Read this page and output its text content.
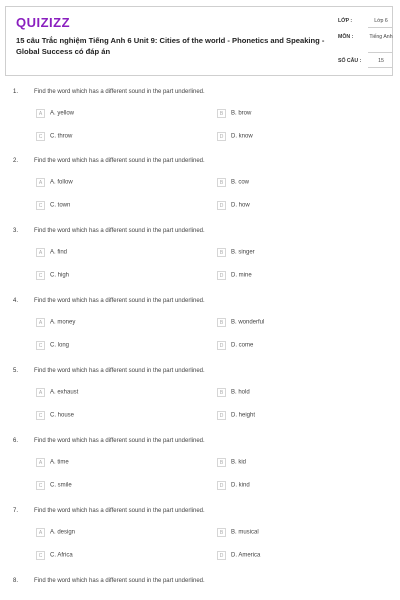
QUIZIZZ
15 câu Trắc nghiệm Tiếng Anh 6 Unit 9: Cities of the world - Phonetics and Speaking - Global Success có đáp án
LỚP :	Lớp 6
MÔN :	Tiếng Anh
SỐ CÂU :	15
1.	Find the word which has a different sound in the part underlined.
A A. yellow	B B. brow
C C. throw	D D. know
2.	Find the word which has a different sound in the part underlined.
A A. follow	B B. cow
C C. town	D D. how
3.	Find the word which has a different sound in the part underlined.
A A. find	B B. singer
C C. high	D D. mine
4.	Find the word which has a different sound in the part underlined.
A A. money	B B. wonderful
C C. long	D D. come
5.	Find the word which has a different sound in the part underlined.
A A. exhaust	B B. hold
C C. house	D D. height
6.	Find the word which has a different sound in the part underlined.
A A. time	B B. kid
C C. smile	D D. kind
7.	Find the word which has a different sound in the part underlined.
A A. design	B B. musical
C C. Africa	D D. America
8.	Find the word which has a different sound in the part underlined.
